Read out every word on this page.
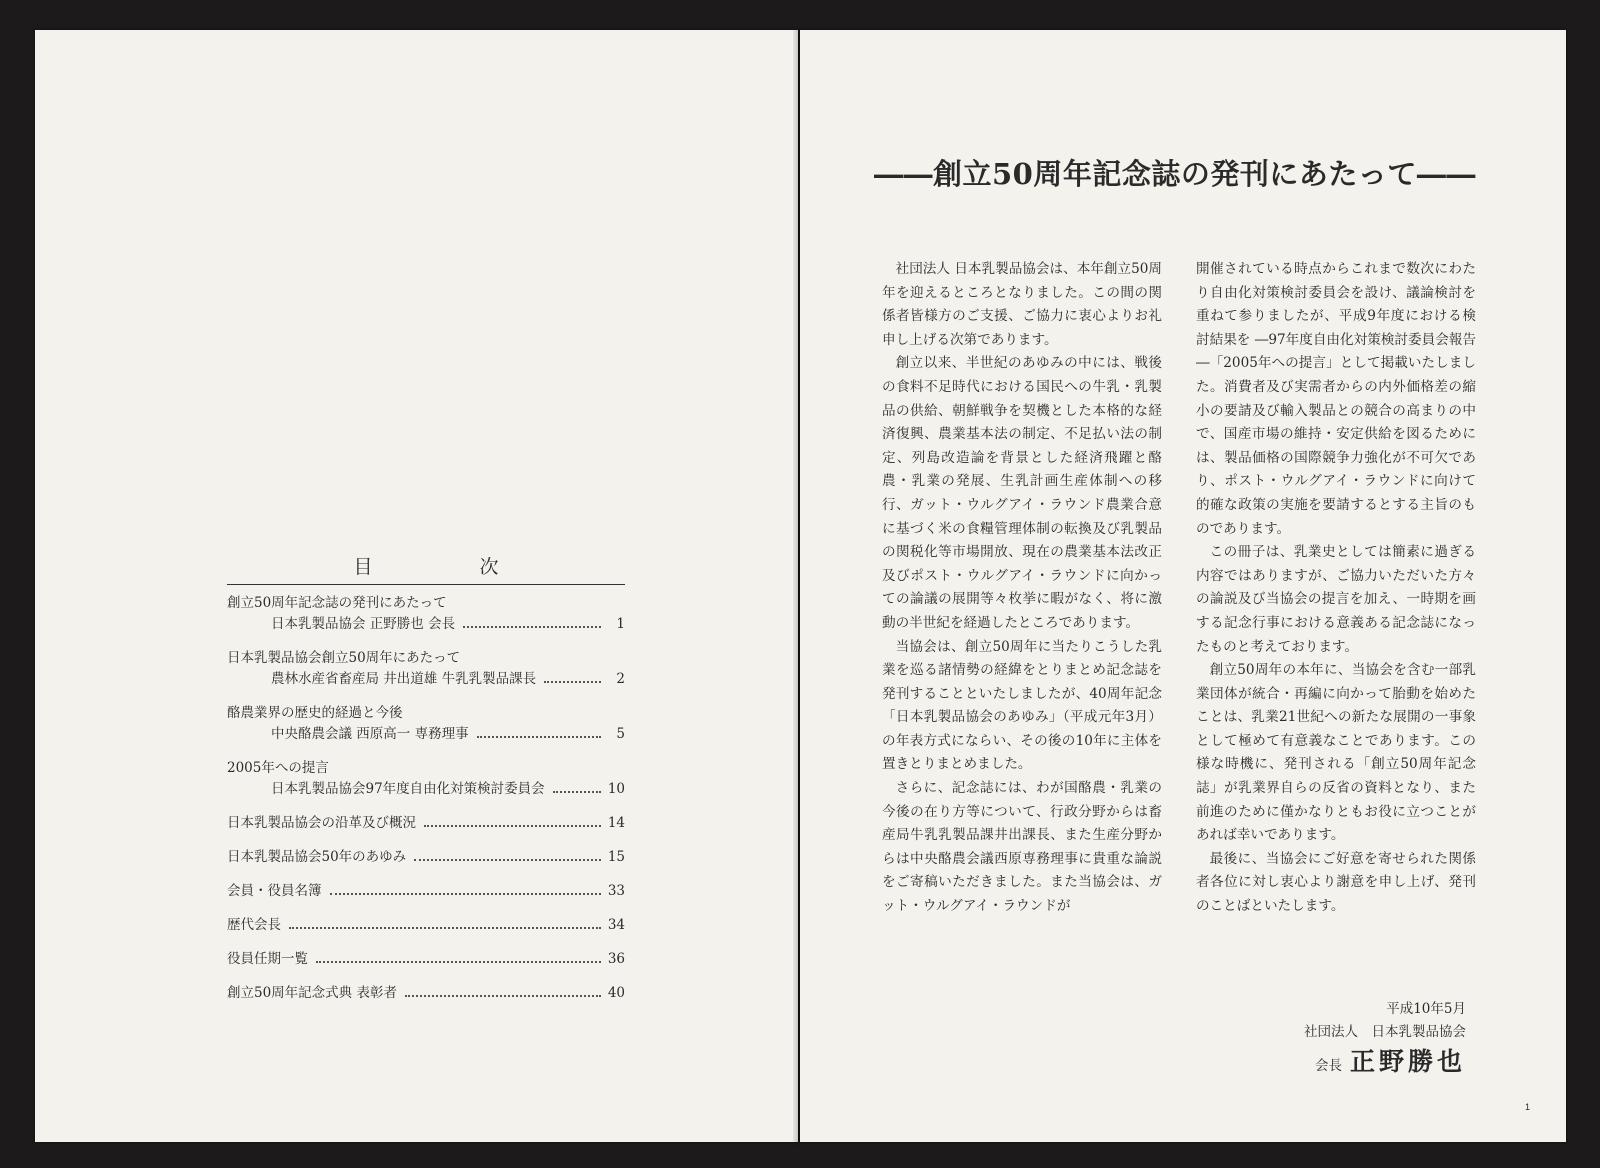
目　次
創立50周年記念誌の発刊にあたって
日本乳製品協会 正野勝也 会長	1
日本乳製品協会創立50周年にあたって
農林水産省畜産局 井出道雄 牛乳乳製品課長	2
酪農業界の歴史的経過と今後
中央酪農会議 西原高一 専務理事	5
2005年への提言
日本乳製品協会97年度自由化対策検討委員会	10
日本乳製品協会の沿革及び概況	14
日本乳製品協会50年のあゆみ	15
会員・役員名簿	33
歴代会長	34
役員任期一覧	36
創立50周年記念式典 表彰者	40
――創立50周年記念誌の発刊にあたって――

社団法人 日本乳製品協会は、本年創立50周年を迎えるところとなりました。この間の関係者皆様方のご支援、ご協力に衷心よりお礼申し上げる次第であります。

創立以来、半世紀のあゆみの中には、戦後の食料不足時代における国民への牛乳・乳製品の供給、朝鮮戦争を契機とした本格的な経済復興、農業基本法の制定、不足払い法の制定、列島改造論を背景とした経済飛躍と酪農・乳業の発展、生乳計画生産体制への移行、ガット・ウルグアイ・ラウンド農業合意に基づく米の食糧管理体制の転換及び乳製品の関税化等市場開放、現在の農業基本法改正及びポスト・ウルグアイ・ラウンドに向かっての論議の展開等々枚挙に暇がなく、将に激動の半世紀を経過したところであります。

当協会は、創立50周年に当たりこうした乳業を巡る諸情勢の経緯をとりまとめ記念誌を発刊することといたしましたが、40周年記念「日本乳製品協会のあゆみ」（平成元年3月）の年表方式にならい、その後の10年に主体を置きとりまとめました。

さらに、記念誌には、わが国酪農・乳業の今後の在り方等について、行政分野からは畜産局牛乳乳製品課井出課長、また生産分野からは中央酪農会議西原専務理事に貴重な論説をご寄稿いただきました。また当協会は、ガット・ウルグアイ・ラウンドが

開催されている時点からこれまで数次にわたり自由化対策検討委員会を設け、議論検討を重ねて参りましたが、平成9年度における検討結果を ―97年度自由化対策検討委員会報告―「2005年への提言」として掲載いたしました。消費者及び実需者からの内外価格差の縮小の要請及び輸入製品との競合の高まりの中で、国産市場の維持・安定供給を図るためには、製品価格の国際競争力強化が不可欠であり、ポスト・ウルグアイ・ラウンドに向けて的確な政策の実施を要請するとする主旨のものであります。

この冊子は、乳業史としては簡素に過ぎる内容ではありますが、ご協力いただいた方々の論説及び当協会の提言を加え、一時期を画する記念行事における意義ある記念誌になったものと考えております。

創立50周年の本年に、当協会を含む一部乳業団体が統合・再編に向かって胎動を始めたことは、乳業21世紀への新たな展開の一事象として極めて有意義なことであります。この様な時機に、発刊される「創立50周年記念誌」が乳業界自らの反省の資料となり、また前進のために僅かなりともお役に立つことがあれば幸いであります。

最後に、当協会にご好意を寄せられた関係者各位に対し衷心より謝意を申し上げ、発刊のことばといたします。

平成10年5月
社団法人　日本乳製品協会
会長 正野勝也
1
